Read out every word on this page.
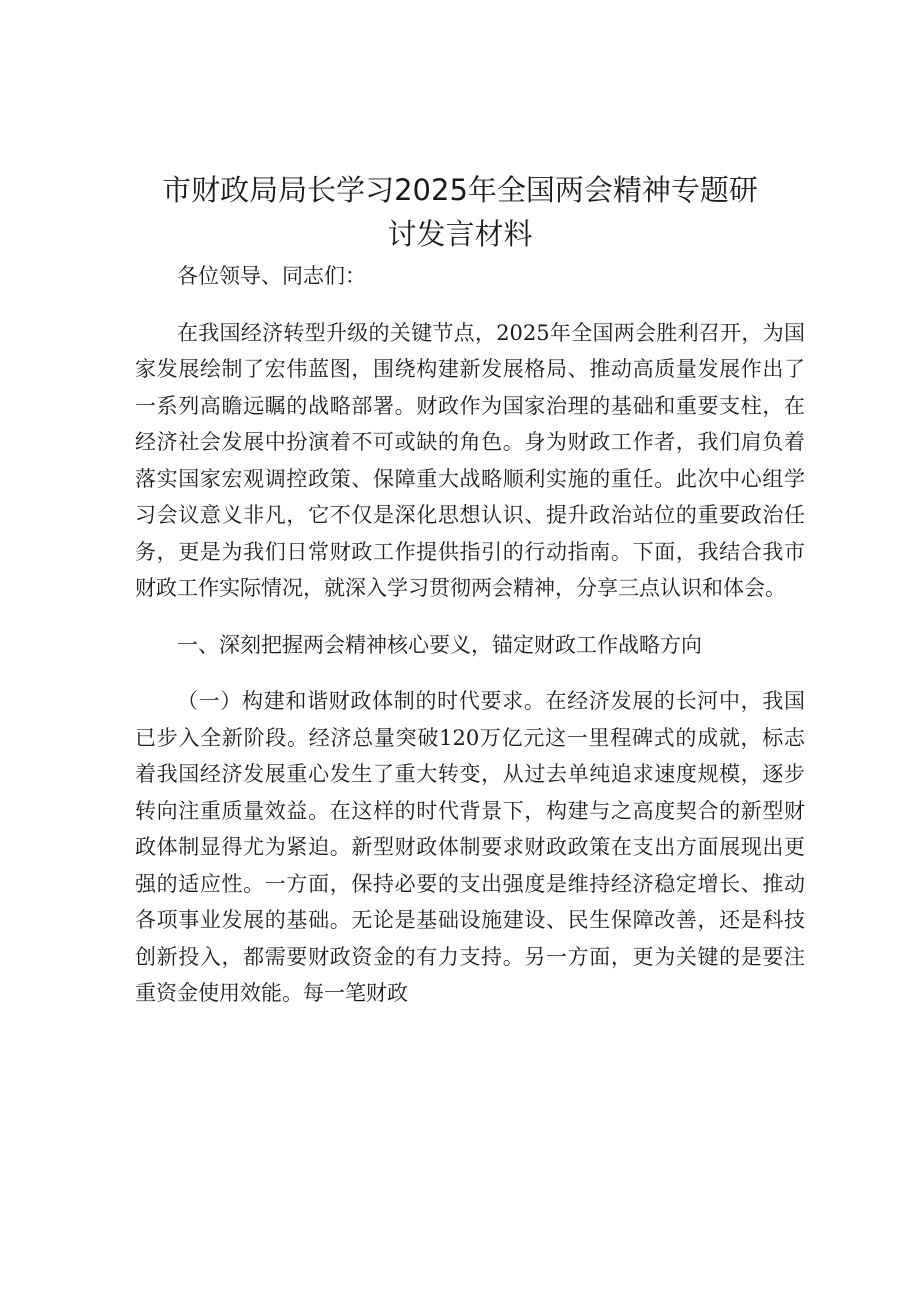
市财政局局长学习2025年全国两会精神专题研
讨发言材料

各位领导、同志们：

在我国经济转型升级的关键节点，2025年全国两会胜利召开，为国家发展绘制了宏伟蓝图，围绕构建新发展格局、推动高质量发展作出了一系列高瞻远瞩的战略部署。财政作为国家治理的基础和重要支柱，在经济社会发展中扮演着不可或缺的角色。身为财政工作者，我们肩负着落实国家宏观调控政策、保障重大战略顺利实施的重任。此次中心组学习会议意义非凡，它不仅是深化思想认识、提升政治站位的重要政治任务，更是为我们日常财政工作提供指引的行动指南。下面，我结合我市财政工作实际情况，就深入学习贯彻两会精神，分享三点认识和体会。

一、深刻把握两会精神核心要义，锚定财政工作战略方向

（一）构建和谐财政体制的时代要求。在经济发展的长河中，我国已步入全新阶段。经济总量突破120万亿元这一里程碑式的成就，标志着我国经济发展重心发生了重大转变，从过去单纯追求速度规模，逐步转向注重质量效益。在这样的时代背景下，构建与之高度契合的新型财政体制显得尤为紧迫。新型财政体制要求财政政策在支出方面展现出更强的适应性。一方面，保持必要的支出强度是维持经济稳定增长、推动各项事业发展的基础。无论是基础设施建设、民生保障改善，还是科技创新投入，都需要财政资金的有力支持。另一方面，更为关键的是要注重资金使用效能。每一笔财政
